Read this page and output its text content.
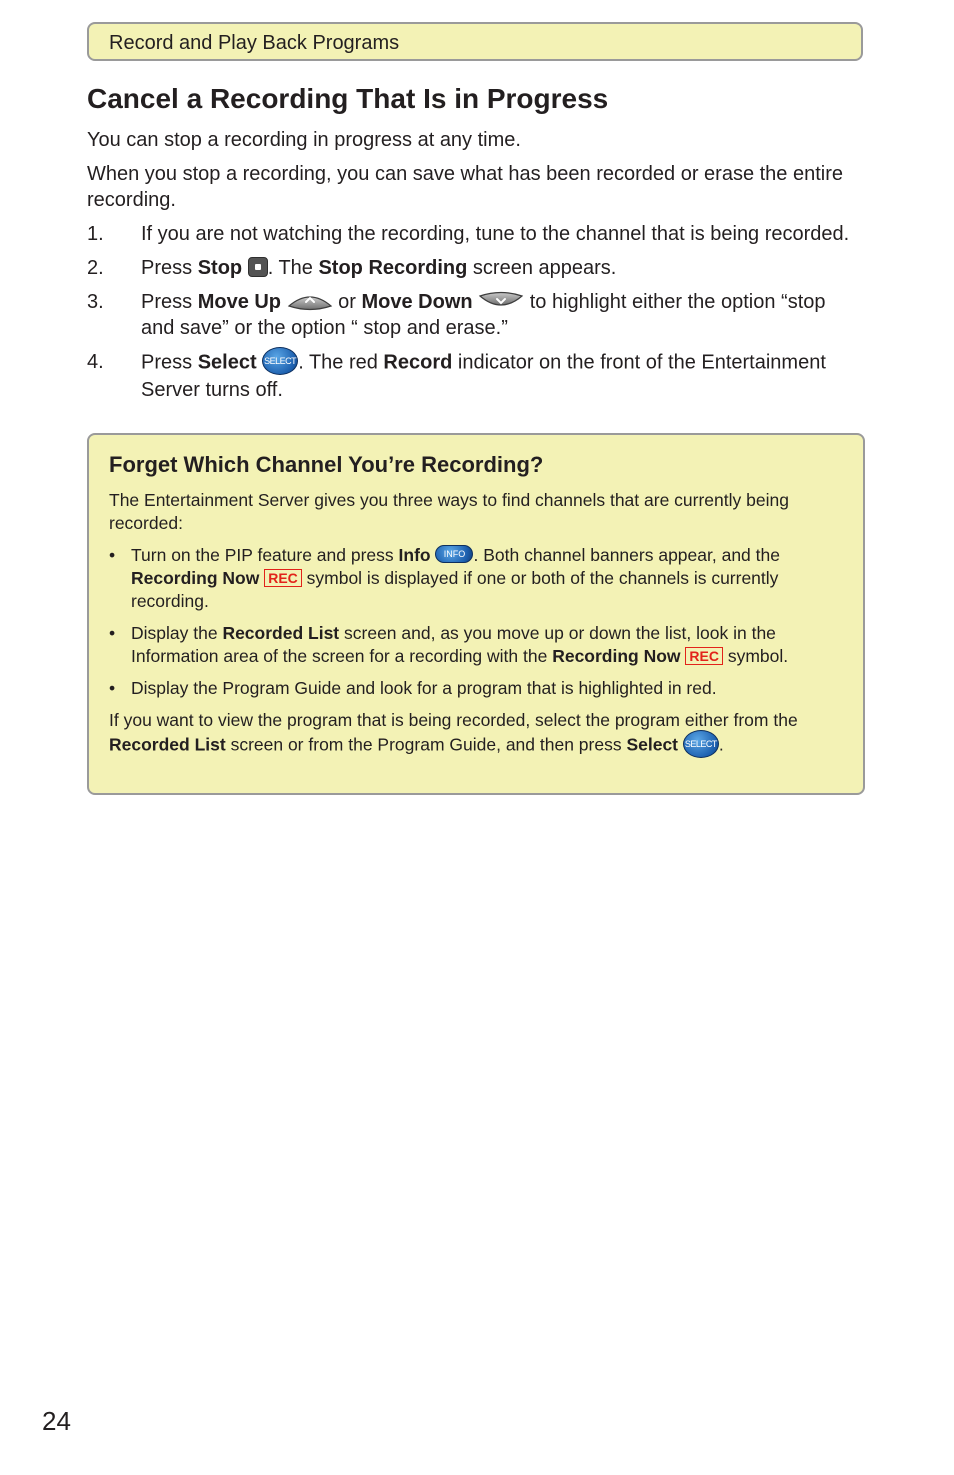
Record and Play Back Programs
Cancel a Recording That Is in Progress

You can stop a recording in progress at any time.

When you stop a recording, you can save what has been recorded or erase the entire recording.

1. If you are not watching the recording, tune to the channel that is being recorded.
2. Press Stop . The Stop Recording screen appears.
3. Press Move Up	or Move Down	to highlight either the option “stop and save” or the option “ stop and erase.”
4. Press Select SELECT . The red Record indicator on the front of the Entertainment Server turns off.
Forget Which Channel You’re Recording?

The Entertainment Server gives you three ways to find channels that are currently being recorded:

• Turn on the PIP feature and press Info INFO . Both channel banners appear, and the Recording Now REC symbol is displayed if one or both of the channels is currently recording.
• Display the Recorded List screen and, as you move up or down the list, look in the Information area of the screen for a recording with the Recording Now REC symbol.
• Display the Program Guide and look for a program that is highlighted in red.

If you want to view the program that is being recorded, select the program either from the Recorded List screen or from the Program Guide, and then press Select SELECT .

24
